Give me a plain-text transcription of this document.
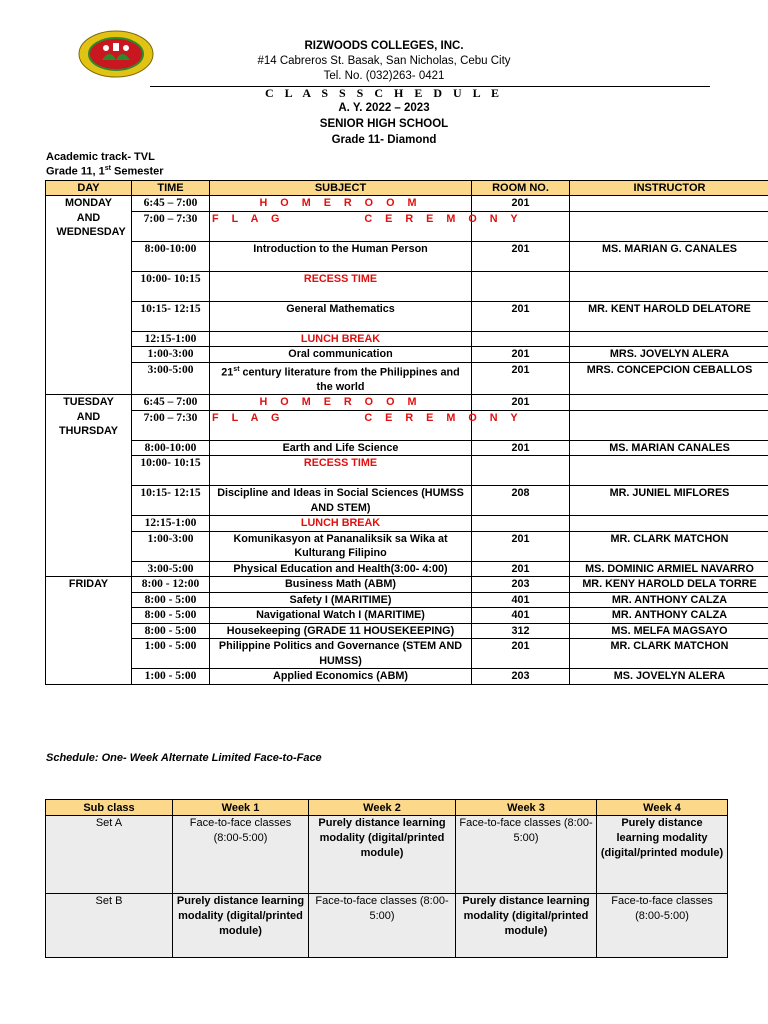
RIZWOODS COLLEGES, INC.
#14 Cabreros St. Basak, San Nicholas, Cebu City
Tel. No. (032)263- 0421
C L A S S S C H E D U L E
A. Y. 2022 – 2023
SENIOR HIGH SCHOOL
Grade 11- Diamond
Academic track- TVL
Grade 11, 1st Semester
DAY	TIME	SUBJECT	ROOM NO.	INSTRUCTOR

MONDAY AND WEDNESDAY	6:45 – 7:00	H O M E R O O M	201	
	7:00 – 7:30	F L A G          C E R E M O N Y		
	8:00-10:00	Introduction to the Human Person	201	MS. MARIAN G. CANALES
	10:00- 10:15	RECESS TIME		
	10:15- 12:15	General Mathematics	201	MR. KENT HAROLD DELATORE
	12:15-1:00	LUNCH BREAK		
	1:00-3:00	Oral communication	201	MRS. JOVELYN ALERA
	3:00-5:00	21st century literature from the Philippines and the world	201	MRS. CONCEPCION CEBALLOS

TUESDAY AND THURSDAY	6:45 – 7:00	H O M E R O O M	201	
	7:00 – 7:30	F L A G          C E R E M O N Y		
	8:00-10:00	Earth and Life Science	201	MS. MARIAN CANALES
	10:00- 10:15	RECESS TIME		
	10:15- 12:15	Discipline and Ideas in Social Sciences (HUMSS AND STEM)	208	MR. JUNIEL MIFLORES
	12:15-1:00	LUNCH BREAK		
	1:00-3:00	Komunikasyon at Pananaliksik sa Wika at Kulturang Filipino	201	MR. CLARK MATCHON
	3:00-5:00	Physical Education and Health(3:00- 4:00)	201	MS. DOMINIC ARMIEL NAVARRO
FRIDAY	8:00 - 12:00	Business Math (ABM)	203	MR. KENY HAROLD DELA TORRE
	8:00 - 5:00	Safety I (MARITIME)	401	MR. ANTHONY CALZA
	8:00 - 5:00	Navigational Watch I (MARITIME)	401	MR. ANTHONY CALZA
	8:00 - 5:00	Housekeeping (GRADE 11 HOUSEKEEPING)	312	MS. MELFA MAGSAYO
	1:00 - 5:00	Philippine Politics and Governance (STEM AND HUMSS)	201	MR. CLARK MATCHON
	1:00 - 5:00	Applied Economics (ABM)	203	MS. JOVELYN ALERA
Schedule: One- Week Alternate Limited Face-to-Face
Sub class	Week 1	Week 2	Week 3	Week 4
Set A	Face-to-face classes (8:00-5:00)	Purely distance learning modality (digital/printed module)	Face-to-face classes (8:00-5:00)	Purely distance learning modality (digital/printed module)
Set B	Purely distance learning modality (digital/printed module)	Face-to-face classes (8:00-5:00)	Purely distance learning modality (digital/printed module)	Face-to-face classes (8:00-5:00)
